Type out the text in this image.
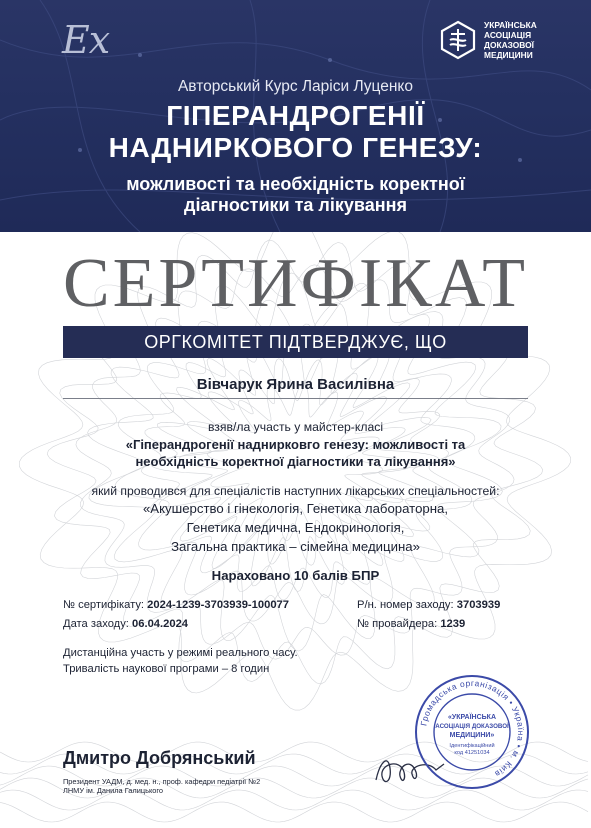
Ex	УКРАЇНСЬКА
АСОЦІАЦІЯ
ДОКАЗОВОЇ
МЕДИЦИНИ
Авторський Курс Ларіси Луценко
ГІПЕРАНДРОГЕНІЇ
НАДНИРКОВОГО ГЕНЕЗУ:
можливості та необхідність коректної
діагностики та лікування
СЕРТИФІКАТ
ОРГКОМІТЕТ ПІДТВЕРДЖУЄ, ЩО
Вівчарук Ярина Василівна
взяв/ла участь у майстер-класі
«Гіперандрогенії наднирковго генезу: можливості та
необхідність коректної діагностики та лікування»
який проводився для спеціалістів наступних лікарських спеціальностей:
«Акушерство і гінекологія, Генетика лабораторна,
Генетика медична, Ендокринологія,
Загальна практика – сімейна медицина»
Нараховано 10 балів БПР
№ сертифікату: 2024-1239-3703939-100077	Р/н. номер заходу: 3703939
Дата заходу: 06.04.2024	№ провайдера: 1239
Дистанційна участь у режимі реального часу.
Тривалість наукової програми – 8 годин
Дмитро Добрянський
Президент УАДМ, д. мед. н., проф. кафедри педіатрії №2
ЛНМУ ім. Данила Галицького
Громадська організація • Україна • м. Київ
«УКРАЇНСЬКА
АСОЦІАЦІЯ ДОКАЗОВОЇ
МЕДИЦИНИ»
Ідентифікаційний
код 41251034
